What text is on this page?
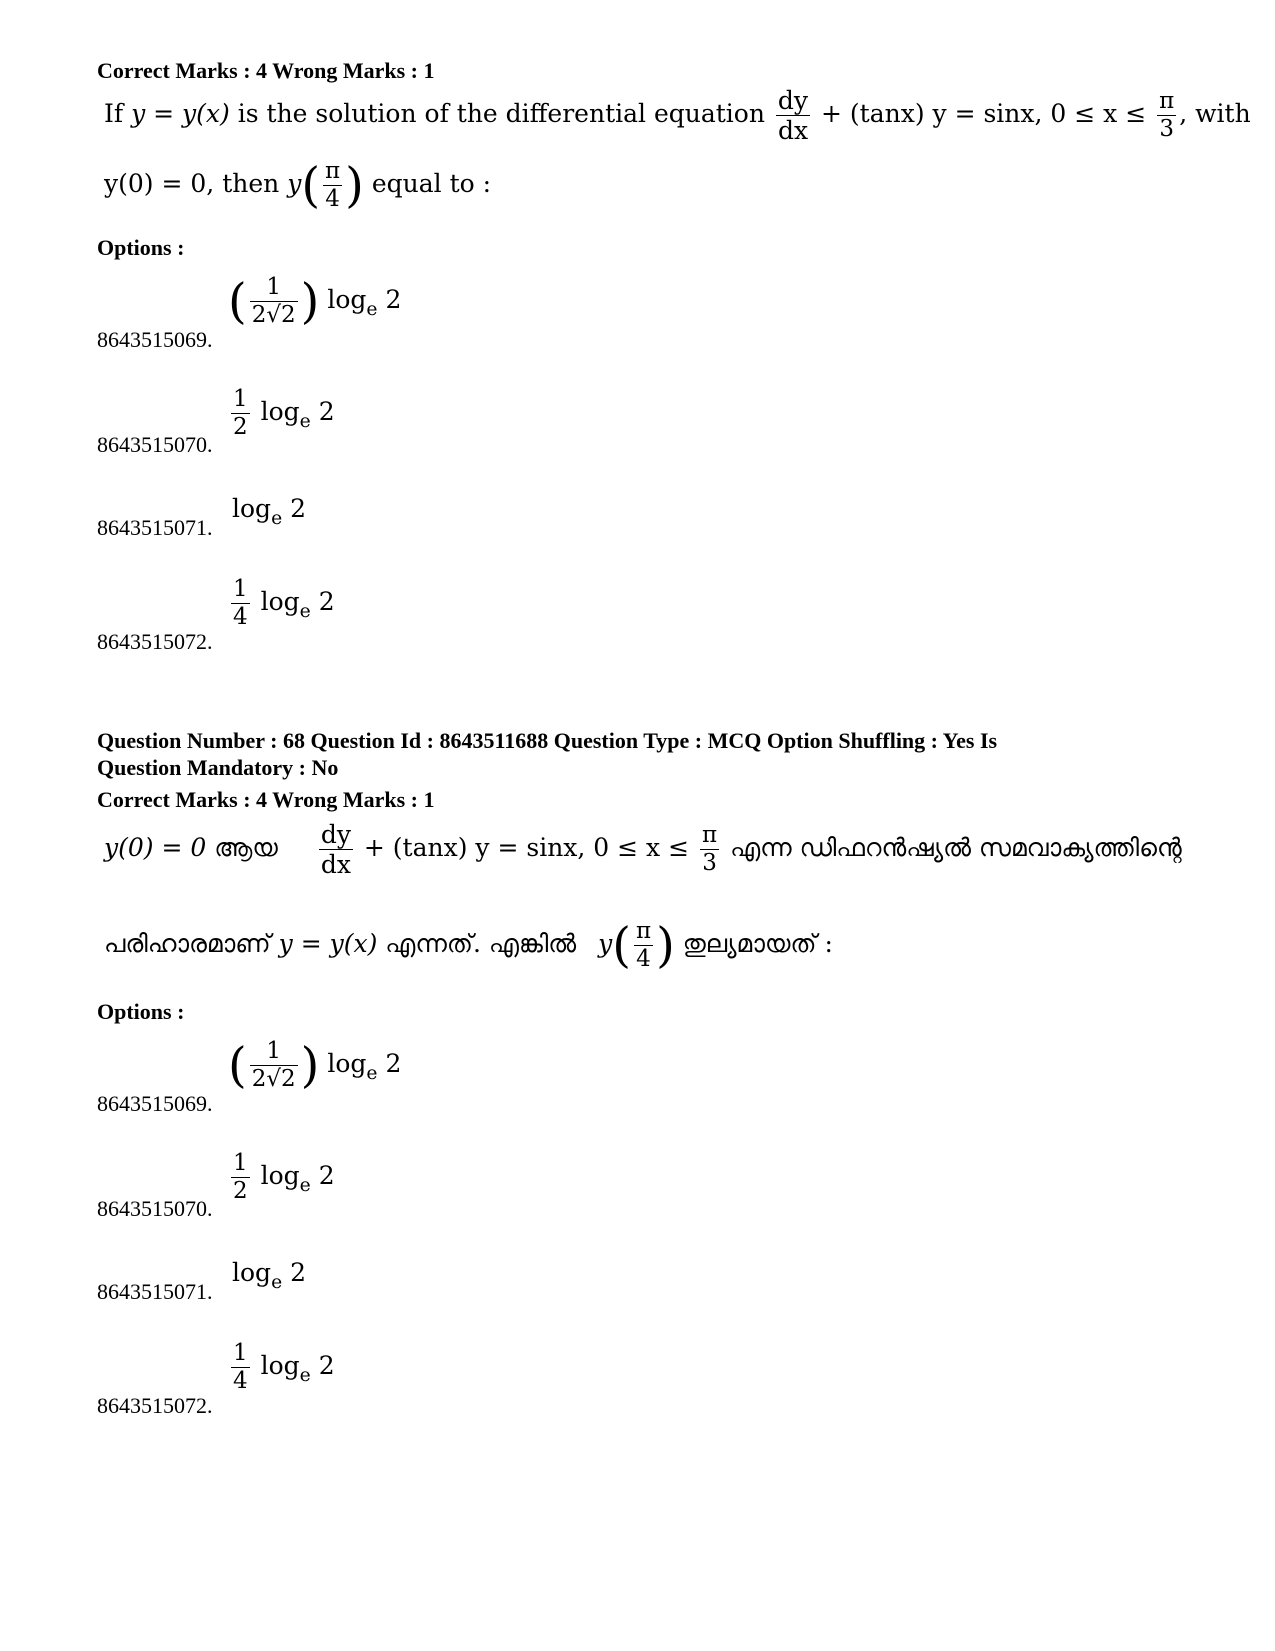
Correct Marks : 4 Wrong Marks : 1
If y = y(x) is the solution of the differential equation $\frac{dy}{dx} + (\tan x) y = \sin x$, $0 \le x \le \frac{\pi}{3}$ , with
y(0) = 0, then $y( \frac{\pi}{4}$ ) equal to :
Options :
8643515069.
( $\frac{1}{2√2}$ ) $\log_e 2$
8643515070.
$\frac{1}{2} \log_e 2$
8643515071.
$\log_e 2$
8643515072.
$\frac{1}{4} \log_e 2$
Question Number : 68 Question Id : 8643511688 Question Type : MCQ Option Shuffling : Yes Is Question Mandatory : No
Correct Marks : 4 Wrong Marks : 1
y(0) = 0 ആയ $\frac{dy}{dx} + (\tan x) y = \sin x$, $0 \le x \le \frac{\pi}{3}$ എന്ന ഡിഫറൻഷ്യൽ സമവാക്യത്തിന്റെ
പരിഹാരമാണ് y = y(x) എന്നത്. എങ്കിൽ $y( \frac{\pi}{4}$ ) തുല്യമായത് :
Options :
8643515069.
( $\frac{1}{2√2}$ ) $\log_e 2$
8643515070.
$\frac{1}{2} \log_e 2$
8643515071.
$\log_e 2$
8643515072.
$\frac{1}{4} \log_e 2$
